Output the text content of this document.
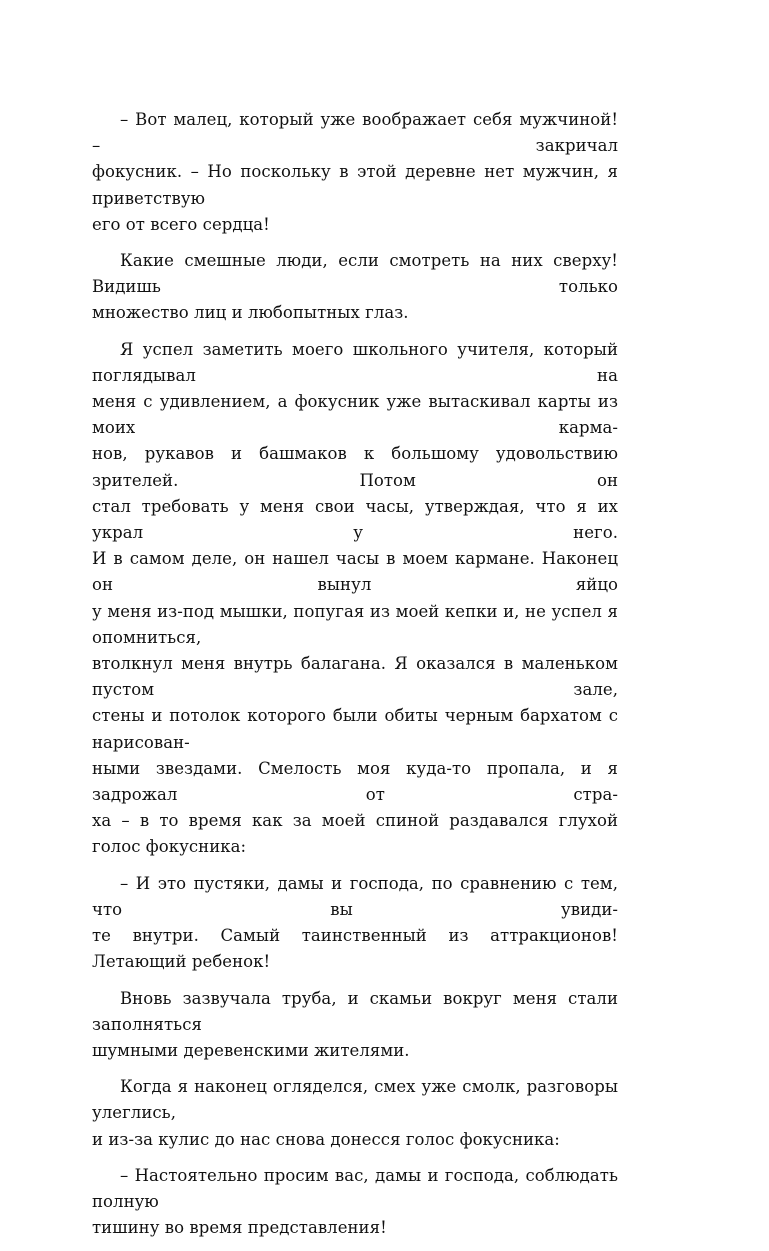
– Вот малец, который уже воображает себя мужчиной! – закричал
фокусник. – Но поскольку в этой деревне нет мужчин, я приветствую
его от всего сердца!
Какие смешные люди, если смотреть на них сверху! Видишь только
множество лиц и любопытных глаз.
Я успел заметить моего школьного учителя, который поглядывал на
меня с удивлением, а фокусник уже вытаскивал карты из моих карма-
нов, рукавов и башмаков к большому удовольствию зрителей. Потом он
стал требовать у меня свои часы, утверждая, что я их украл у него.
И в самом деле, он нашел часы в моем кармане. Наконец он вынул яйцо
у меня из-под мышки, попугая из моей кепки и, не успел я опомниться,
втолкнул меня внутрь балагана. Я оказался в маленьком пустом зале,
стены и потолок которого были обиты черным бархатом с нарисован-
ными звездами. Смелость моя куда-то пропала, и я задрожал от стра-
ха – в то время как за моей спиной раздавался глухой голос фокусника:
– И это пустяки, дамы и господа, по сравнению с тем, что вы увиди-
те внутри. Самый таинственный из аттракционов! Летающий ребенок!
Вновь зазвучала труба, и скамьи вокруг меня стали заполняться
шумными деревенскими жителями.
Когда я наконец огляделся, смех уже смолк, разговоры улеглись,
и из-за кулис до нас снова донесся голос фокусника:
– Настоятельно просим вас, дамы и господа, соблюдать полную
тишину во время представления!
